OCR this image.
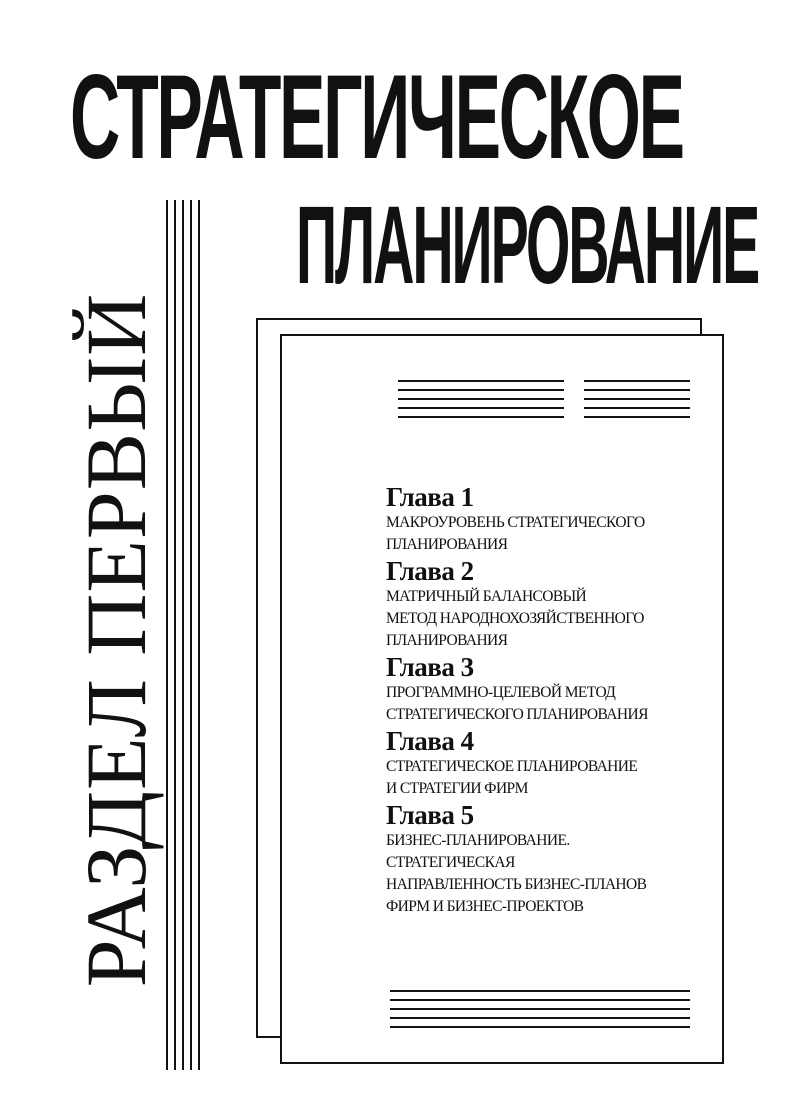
СТРАТЕГИЧЕСКОЕ
ПЛАНИРОВАНИЕ
РАЗДЕЛ ПЕРВЫЙ	Глава 1
МАКРОУРОВЕНЬ СТРАТЕГИЧЕСКОГО
ПЛАНИРОВАНИЯ
Глава 2
МАТРИЧНЫЙ БАЛАНСОВЫЙ
МЕТОД НАРОДНОХОЗЯЙСТВЕННОГО
ПЛАНИРОВАНИЯ
Глава 3
ПРОГРАММНО-ЦЕЛЕВОЙ МЕТОД
СТРАТЕГИЧЕСКОГО ПЛАНИРОВАНИЯ
Глава 4
СТРАТЕГИЧЕСКОЕ ПЛАНИРОВАНИЕ
И СТРАТЕГИИ ФИРМ
Глава 5
БИЗНЕС-ПЛАНИРОВАНИЕ.
СТРАТЕГИЧЕСКАЯ
НАПРАВЛЕННОСТЬ БИЗНЕС-ПЛАНОВ
ФИРМ И БИЗНЕС-ПРОЕКТОВ
